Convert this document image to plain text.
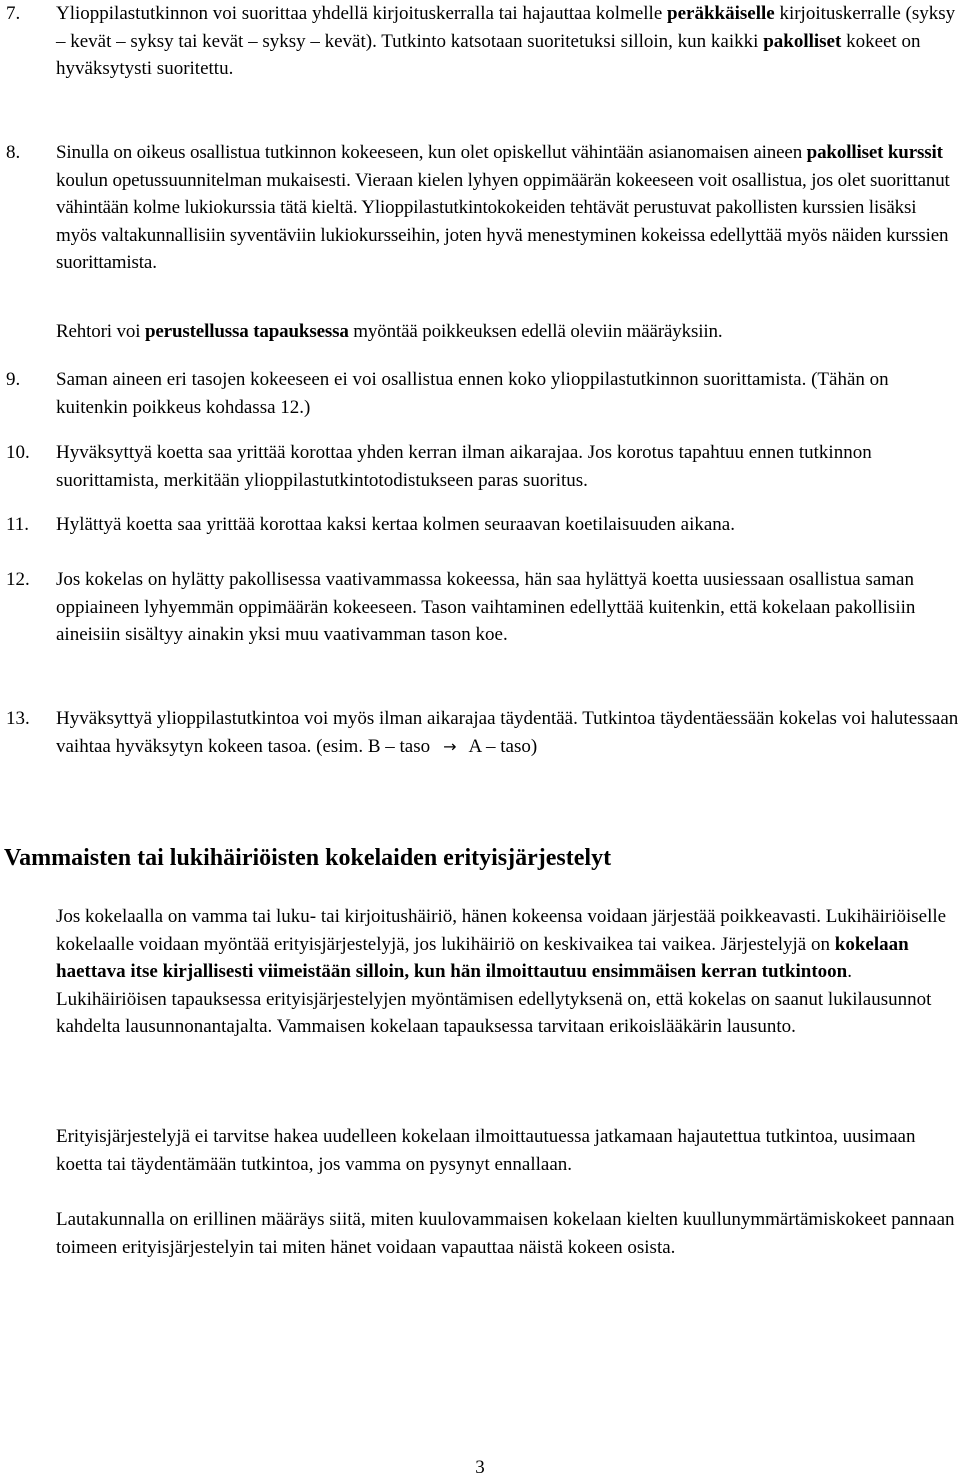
7. Ylioppilastutkinnon voi suorittaa yhdellä kirjoituskerralla tai hajauttaa kolmelle peräkkäiselle kirjoituskerralle (syksy – kevät – syksy tai kevät – syksy – kevät). Tutkinto katsotaan suoritetuksi silloin, kun kaikki pakolliset kokeet on hyväksytysti suoritettu.
8. Sinulla on oikeus osallistua tutkinnon kokeeseen, kun olet opiskellut vähintään asianomaisen aineen pakolliset kurssit koulun opetussuunnitelman mukaisesti. Vieraan kielen lyhyen oppimäärän kokeeseen voit osallistua, jos olet suorittanut vähintään kolme lukiokurssia tätä kieltä. Ylioppilastutkintokokeiden tehtävät perustuvat pakollisten kurssien lisäksi myös valtakunnallisiin syventäviin lukiokursseihin, joten hyvä menestyminen kokeissa edellyttää myös näiden kurssien suorittamista.
Rehtori voi perustellussa tapauksessa myöntää poikkeuksen edellä oleviin määräyksiin.
9. Saman aineen eri tasojen kokeeseen ei voi osallistua ennen koko ylioppilastutkinnon suorittamista. (Tähän on kuitenkin poikkeus kohdassa 12.)
10. Hyväksyttyä koetta saa yrittää korottaa yhden kerran ilman aikarajaa. Jos korotus tapahtuu ennen tutkinnon suorittamista, merkitään ylioppilastutkintotodistukseen paras suoritus.
11. Hylättyä koetta saa yrittää korottaa kaksi kertaa kolmen seuraavan koetilaisuuden aikana.
12. Jos kokelas on hylätty pakollisessa vaativammassa kokeessa, hän saa hylättyä koetta uusiessaan osallistua saman oppiaineen lyhyemmän oppimäärän kokeeseen. Tason vaihtaminen edellyttää kuitenkin, että kokelaan pakollisiin aineisiin sisältyy ainakin yksi muu vaativamman tason koe.
13. Hyväksyttyä ylioppilastutkintoa voi myös ilman aikarajaa täydentää. Tutkintoa täydentäessään kokelas voi halutessaan vaihtaa hyväksytyn kokeen tasoa. (esim. B – taso → A – taso)
Vammaisten tai lukihäiriöisten kokelaiden erityisjärjestelyt
Jos kokelaalla on vamma tai luku- tai kirjoitushäiriö, hänen kokeensa voidaan järjestää poikkeavasti. Lukihäiriöiselle kokelaalle voidaan myöntää erityisjärjestelyjä, jos lukihäiriö on keskivaikea tai vaikea. Järjestelyjä on kokelaan haettava itse kirjallisesti viimeistään silloin, kun hän ilmoittautuu ensimmäisen kerran tutkintoon. Lukihäiriöisen tapauksessa erityisjärjestelyjen myöntämisen edellytyksenä on, että kokelas on saanut lukilausunnot kahdelta lausunnonantajalta. Vammaisen kokelaan tapauksessa tarvitaan erikoislääkärin lausunto.
Erityisjärjestelyjä ei tarvitse hakea uudelleen kokelaan ilmoittautuessa jatkamaan hajautettua tutkintoa, uusimaan koetta tai täydentämään tutkintoa, jos vamma on pysynyt ennallaan.
Lautakunnalla on erillinen määräys siitä, miten kuulovammaisen kokelaan kielten kuullunymmärtämiskokeet pannaan toimeen erityisjärjestelyin tai miten hänet voidaan vapauttaa näistä kokeen osista.
3
